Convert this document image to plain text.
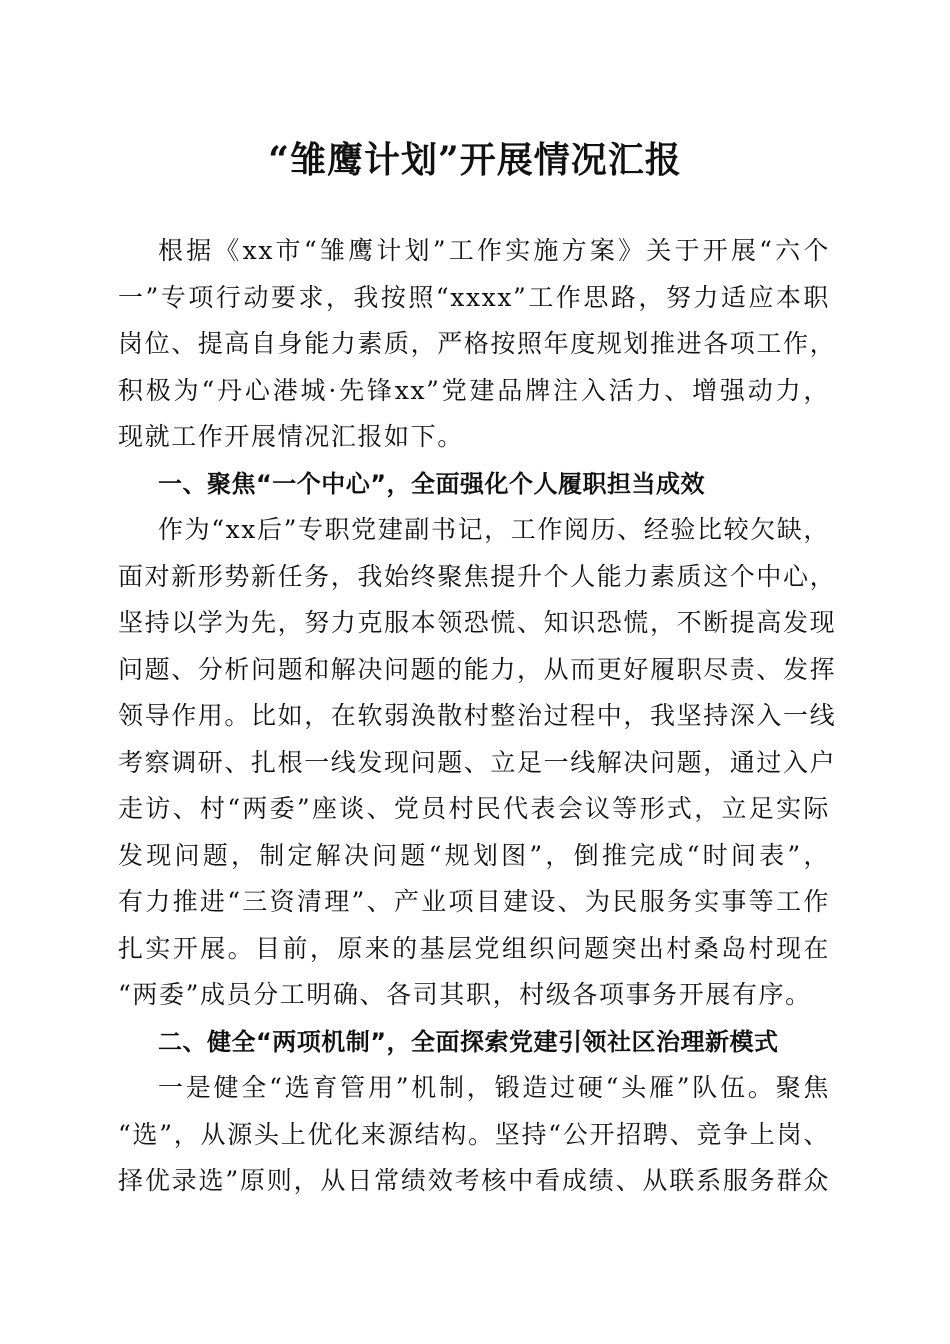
“雏鹰计划”开展情况汇报
根据《xx市“雏鹰计划”工作实施方案》关于开展“六个
一”专项行动要求，我按照“xxxx”工作思路，努力适应本职
岗位、提高自身能力素质，严格按照年度规划推进各项工作，
积极为“丹心港城·先锋xx”党建品牌注入活力、增强动力，
现就工作开展情况汇报如下。
一、聚焦“一个中心”，全面强化个人履职担当成效
作为“xx后”专职党建副书记，工作阅历、经验比较欠缺，
面对新形势新任务，我始终聚焦提升个人能力素质这个中心，
坚持以学为先，努力克服本领恐慌、知识恐慌，不断提高发现
问题、分析问题和解决问题的能力，从而更好履职尽责、发挥
领导作用。比如，在软弱涣散村整治过程中，我坚持深入一线
考察调研、扎根一线发现问题、立足一线解决问题，通过入户
走访、村“两委”座谈、党员村民代表会议等形式，立足实际
发现问题，制定解决问题“规划图”，倒推完成“时间表”，
有力推进“三资清理”、产业项目建设、为民服务实事等工作
扎实开展。目前，原来的基层党组织问题突出村桑岛村现在
“两委”成员分工明确、各司其职，村级各项事务开展有序。
二、健全“两项机制”，全面探索党建引领社区治理新模式
一是健全“选育管用”机制，锻造过硬“头雁”队伍。聚焦
“选”，从源头上优化来源结构。坚持“公开招聘、竞争上岗、
择优录选”原则，从日常绩效考核中看成绩、从联系服务群众
